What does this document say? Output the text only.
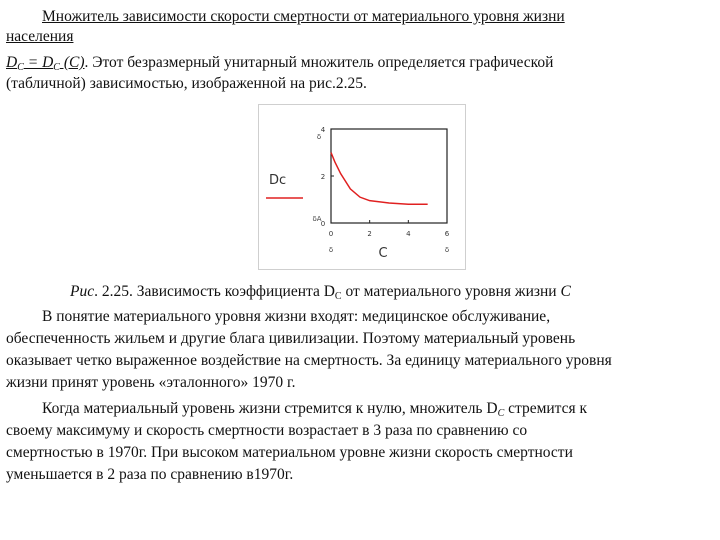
Множитель зависимости скорости смертности от материального уровня жизни
населения
$D_C = D_C$ (C). Этот безразмерный унитарный множитель определяется графической
(табличной) зависимостью, изображенной на рис.2.25.
0
2
4
0	2	4	6
δ
δA
δ	δ
Dc
C
Рис. 2.25. Зависимость коэффициента $D_C$ от материального уровня жизни C
В понятие материального уровня жизни входят: медицинское обслуживание,
обеспеченность жильем и другие блага цивилизации. Поэтому материальный уровень
оказывает четко выраженное воздействие на смертность. За единицу материального уровня
жизни принят уровень «эталонного» 1970 г.
Когда материальный уровень жизни стремится к нулю, множитель $D_C$ стремится к
своему максимуму и скорость смертности возрастает в 3 раза по сравнению со
смертностью в 1970г. При высоком материальном уровне жизни скорость смертности
уменьшается в 2 раза по сравнению в1970г.
